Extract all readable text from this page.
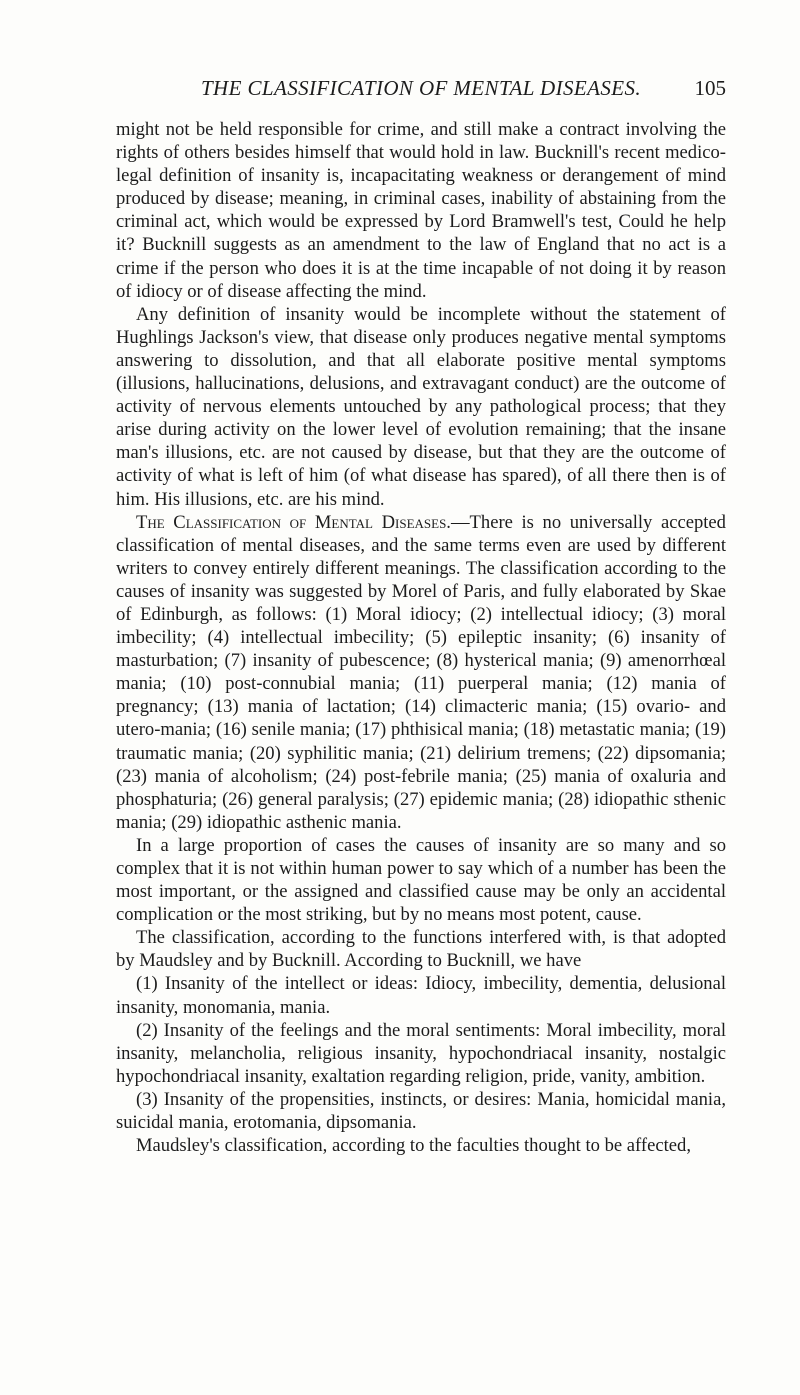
THE CLASSIFICATION OF MENTAL DISEASES.	105

might not be held responsible for crime, and still make a contract involving the rights of others besides himself that would hold in law. Bucknill's recent medico-legal definition of insanity is, incapacitating weakness or derangement of mind produced by disease; meaning, in criminal cases, inability of abstaining from the criminal act, which would be expressed by Lord Bramwell's test, Could he help it? Bucknill suggests as an amendment to the law of England that no act is a crime if the person who does it is at the time incapable of not doing it by reason of idiocy or of disease affecting the mind.

Any definition of insanity would be incomplete without the statement of Hughlings Jackson's view, that disease only produces negative mental symptoms answering to dissolution, and that all elaborate positive mental symptoms (illusions, hallucinations, delusions, and extravagant conduct) are the outcome of activity of nervous elements untouched by any pathological process; that they arise during activity on the lower level of evolution remaining; that the insane man's illusions, etc. are not caused by disease, but that they are the outcome of activity of what is left of him (of what disease has spared), of all there then is of him. His illusions, etc. are his mind.

The Classification of Mental Diseases.—There is no universally accepted classification of mental diseases, and the same terms even are used by different writers to convey entirely different meanings. The classification according to the causes of insanity was suggested by Morel of Paris, and fully elaborated by Skae of Edinburgh, as follows: (1) Moral idiocy; (2) intellectual idiocy; (3) moral imbecility; (4) intellectual imbecility; (5) epileptic insanity; (6) insanity of masturbation; (7) insanity of pubescence; (8) hysterical mania; (9) amenorrhœal mania; (10) post-connubial mania; (11) puerperal mania; (12) mania of pregnancy; (13) mania of lactation; (14) climacteric mania; (15) ovario- and utero-mania; (16) senile mania; (17) phthisical mania; (18) metastatic mania; (19) traumatic mania; (20) syphilitic mania; (21) delirium tremens; (22) dipsomania; (23) mania of alcoholism; (24) post-febrile mania; (25) mania of oxaluria and phosphaturia; (26) general paralysis; (27) epidemic mania; (28) idiopathic sthenic mania; (29) idiopathic asthenic mania.

In a large proportion of cases the causes of insanity are so many and so complex that it is not within human power to say which of a number has been the most important, or the assigned and classified cause may be only an accidental complication or the most striking, but by no means most potent, cause.

The classification, according to the functions interfered with, is that adopted by Maudsley and by Bucknill. According to Bucknill, we have

(1) Insanity of the intellect or ideas: Idiocy, imbecility, dementia, delusional insanity, monomania, mania.

(2) Insanity of the feelings and the moral sentiments: Moral imbecility, moral insanity, melancholia, religious insanity, hypochondriacal insanity, nostalgic hypochondriacal insanity, exaltation regarding religion, pride, vanity, ambition.

(3) Insanity of the propensities, instincts, or desires: Mania, homicidal mania, suicidal mania, erotomania, dipsomania.

Maudsley's classification, according to the faculties thought to be affected,
